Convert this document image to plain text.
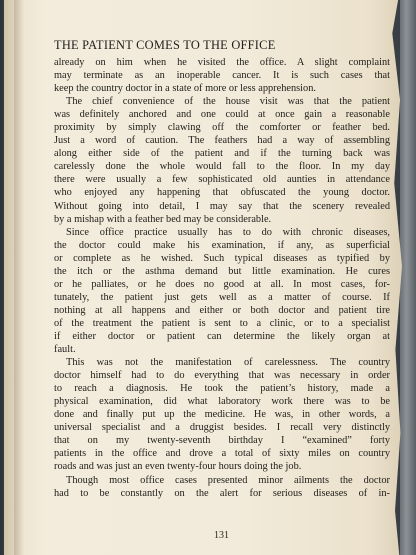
THE PATIENT COMES TO THE OFFICE
already on him when he visited the office. A slight complaint
may terminate as an inoperable cancer. It is such cases that
keep the country doctor in a state of more or less apprehension.
The chief convenience of the house visit was that the patient
was definitely anchored and one could at once gain a reasonable
proximity by simply clawing off the comforter or feather bed.
Just a word of caution. The feathers had a way of assembling
along either side of the patient and if the turning back was
carelessly done the whole would fall to the floor. In my day
there were usually a few sophisticated old aunties in attendance
who enjoyed any happening that obfuscated the young doctor.
Without going into detail, I may say that the scenery revealed
by a mishap with a feather bed may be considerable.
Since office practice usually has to do with chronic diseases,
the doctor could make his examination, if any, as superficial
or complete as he wished. Such typical diseases as typified by
the itch or the asthma demand but little examination. He cures
or he palliates, or he does no good at all. In most cases, for-
tunately, the patient just gets well as a matter of course. If
nothing at all happens and either or both doctor and patient tire
of the treatment the patient is sent to a clinic, or to a specialist
if either doctor or patient can determine the likely organ at
fault.
This was not the manifestation of carelessness. The country
doctor himself had to do everything that was necessary in order
to reach a diagnosis. He took the patient’s history, made a
physical examination, did what laboratory work there was to be
done and finally put up the medicine. He was, in other words, a
universal specialist and a druggist besides. I recall very distinctly
that on my twenty-seventh birthday I “examined” forty
patients in the office and drove a total of sixty miles on country
roads and was just an even twenty-four hours doing the job.
Though most office cases presented minor ailments the doctor
had to be constantly on the alert for serious diseases of in-
131
